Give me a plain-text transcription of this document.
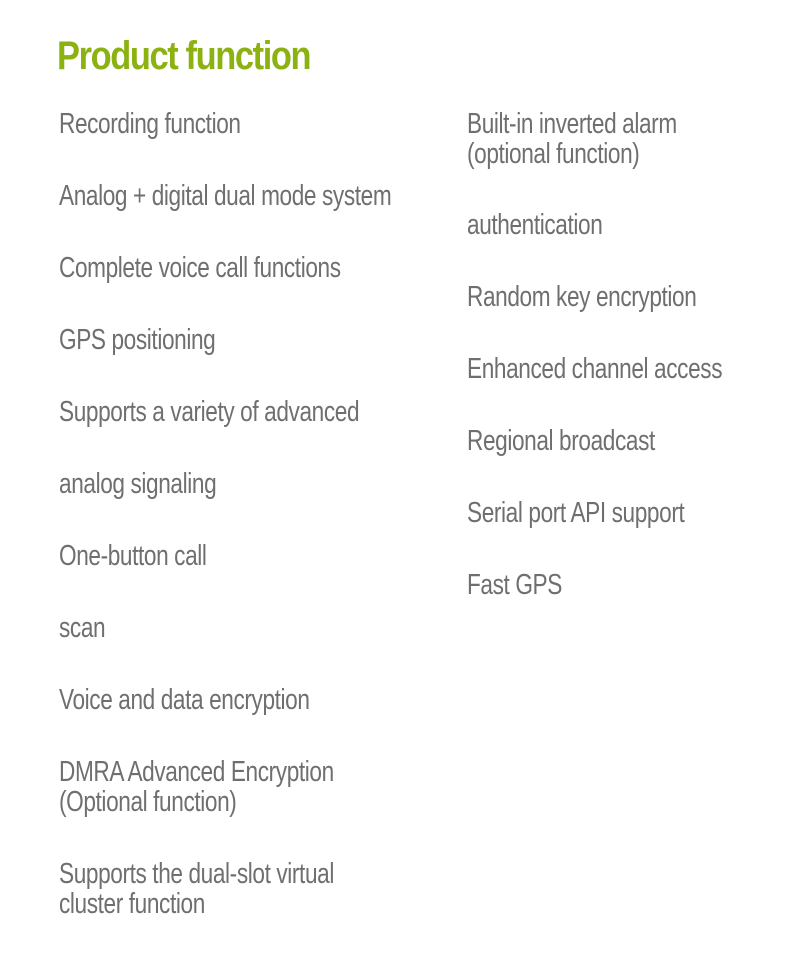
Product function
Recording function
Analog + digital dual mode system
Complete voice call functions
GPS positioning
Supports a variety of advanced
analog signaling
One-button call
scan
Voice and data encryption
DMRA Advanced Encryption
(Optional function)
Supports the dual-slot virtual
cluster function
Built-in inverted alarm
(optional function)
authentication
Random key encryption
Enhanced channel access
Regional broadcast
Serial port API support
Fast GPS
